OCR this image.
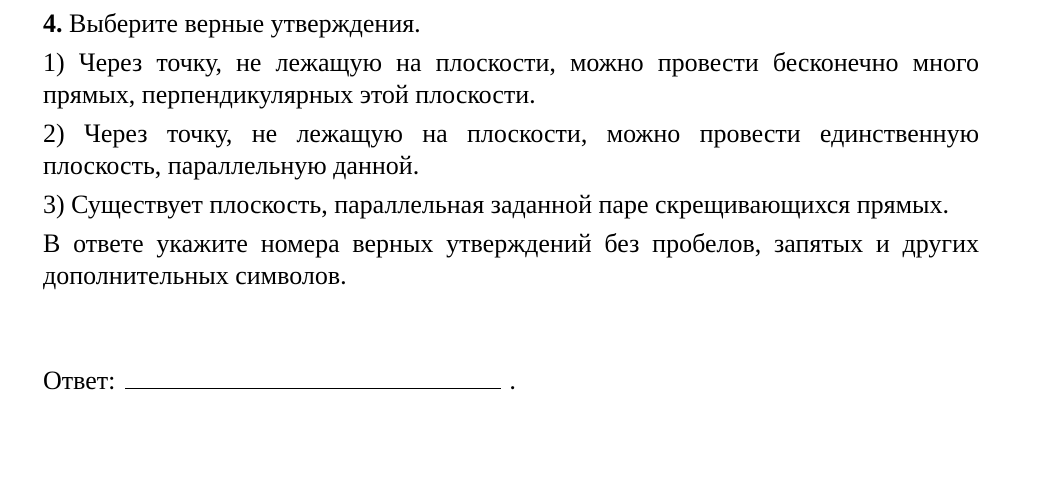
4. Выберите верные утверждения.

1) Через точку, не лежащую на плоскости, можно провести бесконечно много прямых, перпендикулярных этой плоскости.

2) Через точку, не лежащую на плоскости, можно провести единственную плоскость, параллельную данной.

3) Существует плоскость, параллельная заданной паре скрещивающихся прямых.

В ответе укажите номера верных утверждений без пробелов, запятых и других дополнительных символов.

Ответ:	.
